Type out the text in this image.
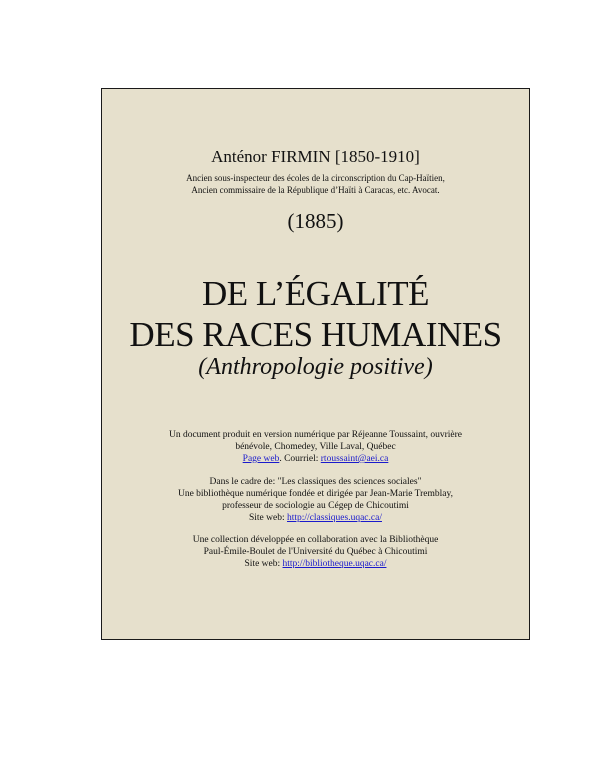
Anténor FIRMIN [1850-1910]

Ancien sous-inspecteur des écoles de la circonscription du Cap-Haïtien,

Ancien commissaire de la République d’Haïti à Caracas, etc. Avocat.

(1885)

DE L’ÉGALITÉ

DES RACES HUMAINES

(Anthropologie positive)

Un document produit en version numérique par Réjeanne Toussaint, ouvrière

bénévole, Chomedey, Ville Laval, Québec

Page web. Courriel: rtoussaint@aei.ca

Dans le cadre de: "Les classiques des sciences sociales"

Une bibliothèque numérique fondée et dirigée par Jean-Marie Tremblay,

professeur de sociologie au Cégep de Chicoutimi

Site web: http://classiques.uqac.ca/

Une collection développée en collaboration avec la Bibliothèque

Paul-Émile-Boulet de l'Université du Québec à Chicoutimi

Site web: http://bibliotheque.uqac.ca/
